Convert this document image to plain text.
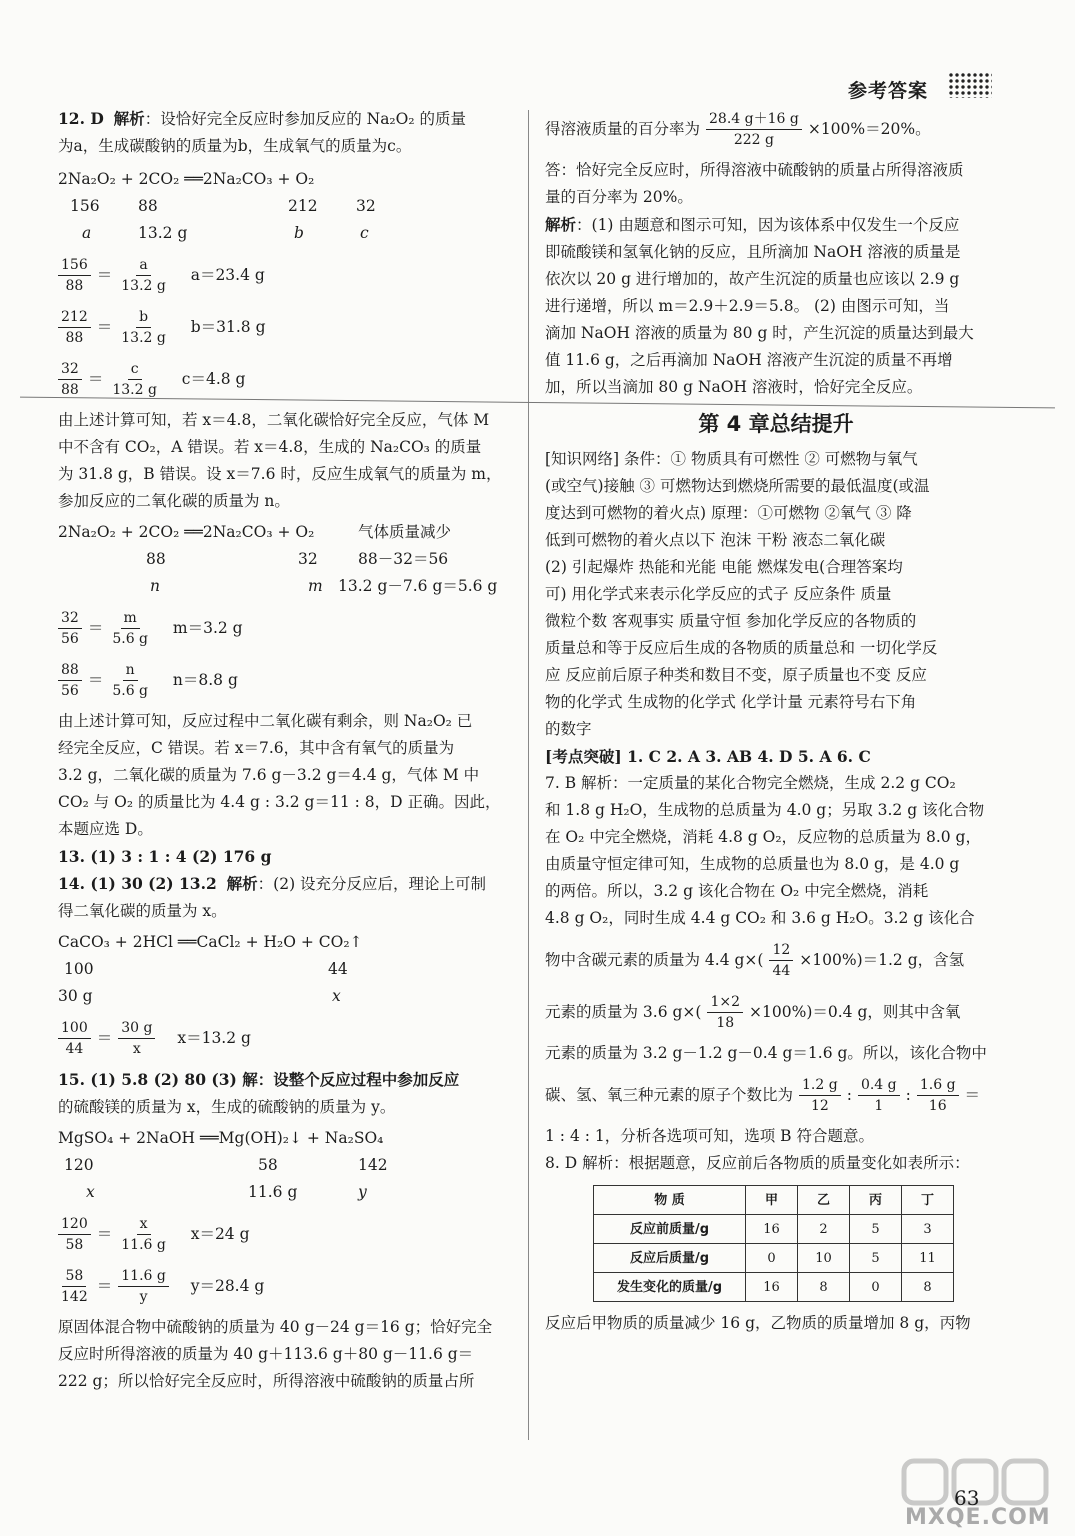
参考答案
12. D 解析：设恰好完全反应时参加反应的 Na₂O₂ 的质量
为a，生成碳酸钠的质量为b，生成氧气的质量为c。
2Na₂O₂ + 2CO₂
══2Na₂CO₃ + O₂
156	88	212	32
a	13.2 g	b	c
$\frac{156}{88} = \frac{a}{13.2 g}$
a＝23.4 g
$\frac{212}{88} = \frac{b}{13.2 g}$
b＝31.8 g
$\frac{32}{88} = \frac{c}{13.2 g}$
c＝4.8 g
由上述计算可知，若 x＝4.8，二氧化碳恰好完全反应，气体 M
中不含有 CO₂，A 错误。若 x＝4.8，生成的 Na₂CO₃ 的质量
为 31.8 g，B 错误。设 x＝7.6 时，反应生成氧气的质量为 m，
参加反应的二氧化碳的质量为 n。
2Na₂O₂ + 2CO₂ ══2Na₂CO₃ + O₂	气体质量减少
88	32	88－32＝56
n	m 13.2 g－7.6 g＝5.6 g
$\frac{32}{56} = \frac{m}{5.6 g}$
m＝3.2 g
$\frac{88}{56} = \frac{n}{5.6 g}$
n＝8.8 g
由上述计算可知，反应过程中二氧化碳有剩余，则 Na₂O₂ 已
经完全反应，C 错误。若 x＝7.6，其中含有氧气的质量为
3.2 g，二氧化碳的质量为 7.6 g－3.2 g＝4.4 g，气体 M 中
CO₂ 与 O₂ 的质量比为 4.4 g : 3.2 g＝11 : 8，D 正确。因此，
本题应选 D。
13. (1) 3 : 1 : 4 (2) 176 g
14. (1) 30 (2) 13.2 解析：(2) 设充分反应后，理论上可制
得二氧化碳的质量为 x。
CaCO₃ + 2HCl ══CaCl₂ + H₂O + CO₂↑
100	44
30 g	x
$\frac{100}{44} = \frac{30 g}{x}$
x＝13.2 g
15. (1) 5.8 (2) 80 (3) 解：设整个反应过程中参加反应
的硫酸镁的质量为 x，生成的硫酸钠的质量为 y。
MgSO₄ + 2NaOH ══Mg(OH)₂↓ + Na₂SO₄
120	58	142
x	11.6 g	y
$\frac{120}{58} = \frac{x}{11.6 g}$
x＝24 g
$\frac{58}{142} = \frac{11.6 g}{y}$
y＝28.4 g
原固体混合物中硫酸钠的质量为 40 g－24 g＝16 g；恰好完全
反应时所得溶液的质量为 40 g＋113.6 g＋80 g－11.6 g＝
222 g；所以恰好完全反应时，所得溶液中硫酸钠的质量占所
得溶液质量的百分率为 $\frac{28.4 g+16 g}{222 g} \times 100\%=20\%$。
答：恰好完全反应时，所得溶液中硫酸钠的质量占所得溶液质
量的百分率为 20%。
解析：(1) 由题意和图示可知，因为该体系中仅发生一个反应
即硫酸镁和氢氧化钠的反应，且所滴加 NaOH 溶液的质量是
依次以 20 g 进行增加的，故产生沉淀的质量也应该以 2.9 g
进行递增，所以 m＝2.9＋2.9＝5.8。 (2) 由图示可知，当
滴加 NaOH 溶液的质量为 80 g 时，产生沉淀的质量达到最大
值 11.6 g，之后再滴加 NaOH 溶液产生沉淀的质量不再增
加，所以当滴加 80 g NaOH 溶液时，恰好完全反应。
第 4 章总结提升
[知识网络] 条件：① 物质具有可燃性 ② 可燃物与氧气
(或空气)接触 ③ 可燃物达到燃烧所需要的最低温度(或温
度达到可燃物的着火点) 原理：①可燃物 ②氧气 ③ 降
低到可燃物的着火点以下 泡沫 干粉 液态二氧化碳
(2) 引起爆炸 热能和光能 电能 燃煤发电(合理答案均
可) 用化学式来表示化学反应的式子 反应条件 质量
微粒个数 客观事实 质量守恒 参加化学反应的各物质的
质量总和等于反应后生成的各物质的质量总和 一切化学反
应 反应前后原子种类和数目不变，原子质量也不变 反应
物的化学式 生成物的化学式 化学计量 元素符号右下角
的数字
[考点突破] 1. C 2. A 3. AB 4. D 5. A 6. C
7. B 解析：一定质量的某化合物完全燃烧，生成 2.2 g CO₂
和 1.8 g H₂O，生成物的总质量为 4.0 g；另取 3.2 g 该化合物
在 O₂ 中完全燃烧，消耗 4.8 g O₂，反应物的总质量为 8.0 g，
由质量守恒定律可知，生成物的总质量也为 8.0 g，是 4.0 g
的两倍。所以，3.2 g 该化合物在 O₂ 中完全燃烧，消耗
4.8 g O₂，同时生成 4.4 g CO₂ 和 3.6 g H₂O。3.2 g 该化合
物中含碳元素的质量为 4.4 $g\times( \frac{12}{44} \times 100\%)=1.2$ g，含氢
元素的质量为 3.6 $g\times( \frac{1\times 2}{18} \times 100\%)=0.4$ g，则其中含氧
元素的质量为 3.2 g－1.2 g－0.4 g＝1.6 g。所以，该化合物中
碳、氢、氧三种元素的原子个数比为 $\frac{1.2 g}{12}$ : $\frac{0.4 g}{1}$ : $\frac{1.6 g}{16}$ ＝
1 : 4 : 1，分析各选项可知，选项 B 符合题意。
8. D 解析：根据题意，反应前后各物质的质量变化如表所示：
物 质	甲	乙	丙	丁
反应前质量/g	16	2	5	3
反应后质量/g	0	10	5	11
发生变化的质量/g	16	8	0	8
反应后甲物质的质量减少 16 g，乙物质的质量增加 8 g，丙物
63
MXQE.COM
